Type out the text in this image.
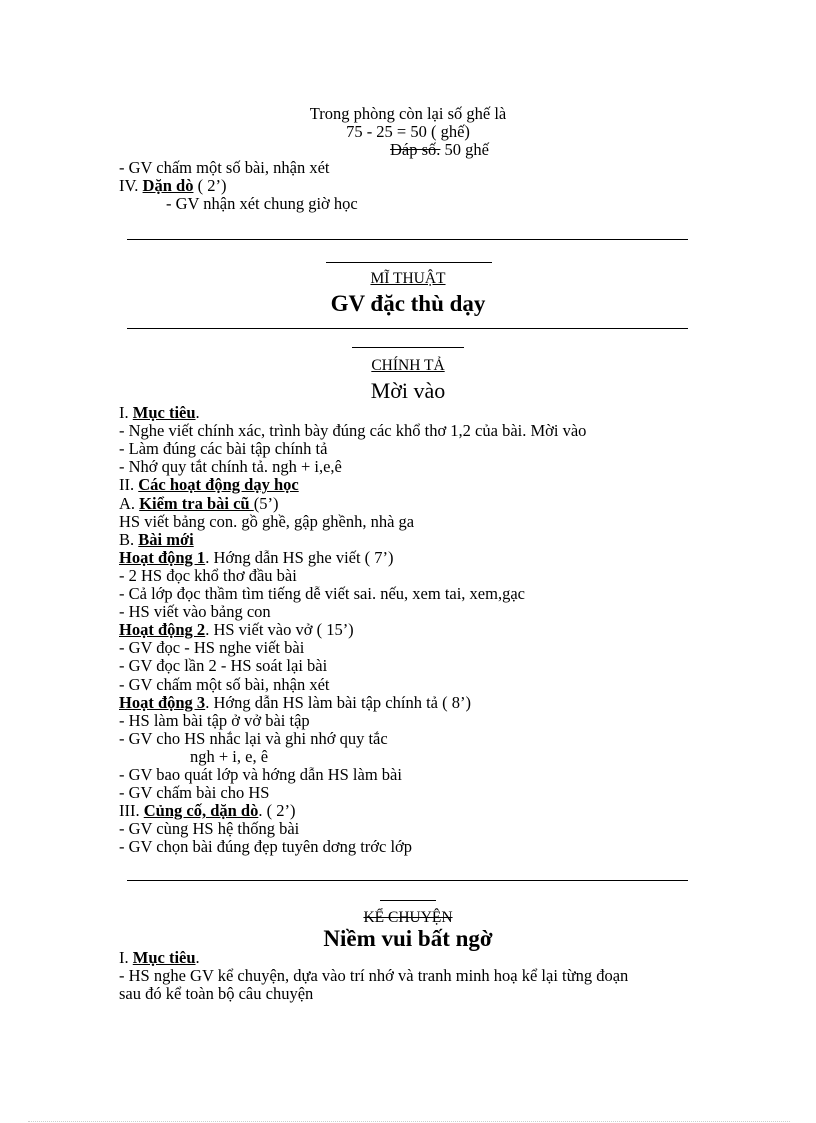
Trong phòng còn lại số ghế là
75 - 25 = 50 ( ghế)
Đáp số. 50 ghế
- GV chấm một số bài, nhận xét
IV. Dặn dò ( 2’)
- GV nhận xét chung giờ học
MĨ THUẬT
GV đặc thù dạy
CHÍNH TẢ
Mời vào
I. Mục tiêu.
- Nghe viết chính xác, trình bày đúng các khổ thơ 1,2 của bài. Mời vào
- Làm đúng các bài tập chính tả
- Nhớ quy tắt chính tả. ngh + i,e,ê
II. Các hoạt động dạy học
A. Kiểm tra bài cũ (5’)
HS viết bảng con. gồ ghề, gập ghềnh, nhà ga
B. Bài mới
Hoạt động 1. Hớng dẫn HS ghe viết ( 7’)
- 2 HS đọc khổ thơ đầu bài
- Cả lớp đọc thầm tìm tiếng dễ viết sai. nếu, xem tai, xem,gạc
- HS viết vào bảng con
Hoạt động 2. HS viết vào vở ( 15’)
- GV đọc - HS nghe viết bài
- GV đọc lần 2 - HS soát lại bài
- GV chấm một số bài, nhận xét
Hoạt động 3. Hớng dẫn HS làm bài tập chính tả ( 8’)
- HS làm bài tập ở vở bài tập
- GV cho HS nhắc lại và ghi nhớ quy tắc
ngh + i, e, ê
- GV bao quát lớp và hớng dẫn HS làm bài
- GV chấm bài cho HS
III. Củng cố, dặn dò. ( 2’)
- GV cùng HS hệ thống bài
- GV chọn bài đúng đẹp tuyên dơng trớc lớp
KỂ CHUYỆN
Niềm vui bất ngờ
I. Mục tiêu.
- HS nghe GV kể chuyện, dựa vào trí nhớ và tranh minh hoạ kể lại từng đoạn
sau đó kể toàn bộ câu chuyện
